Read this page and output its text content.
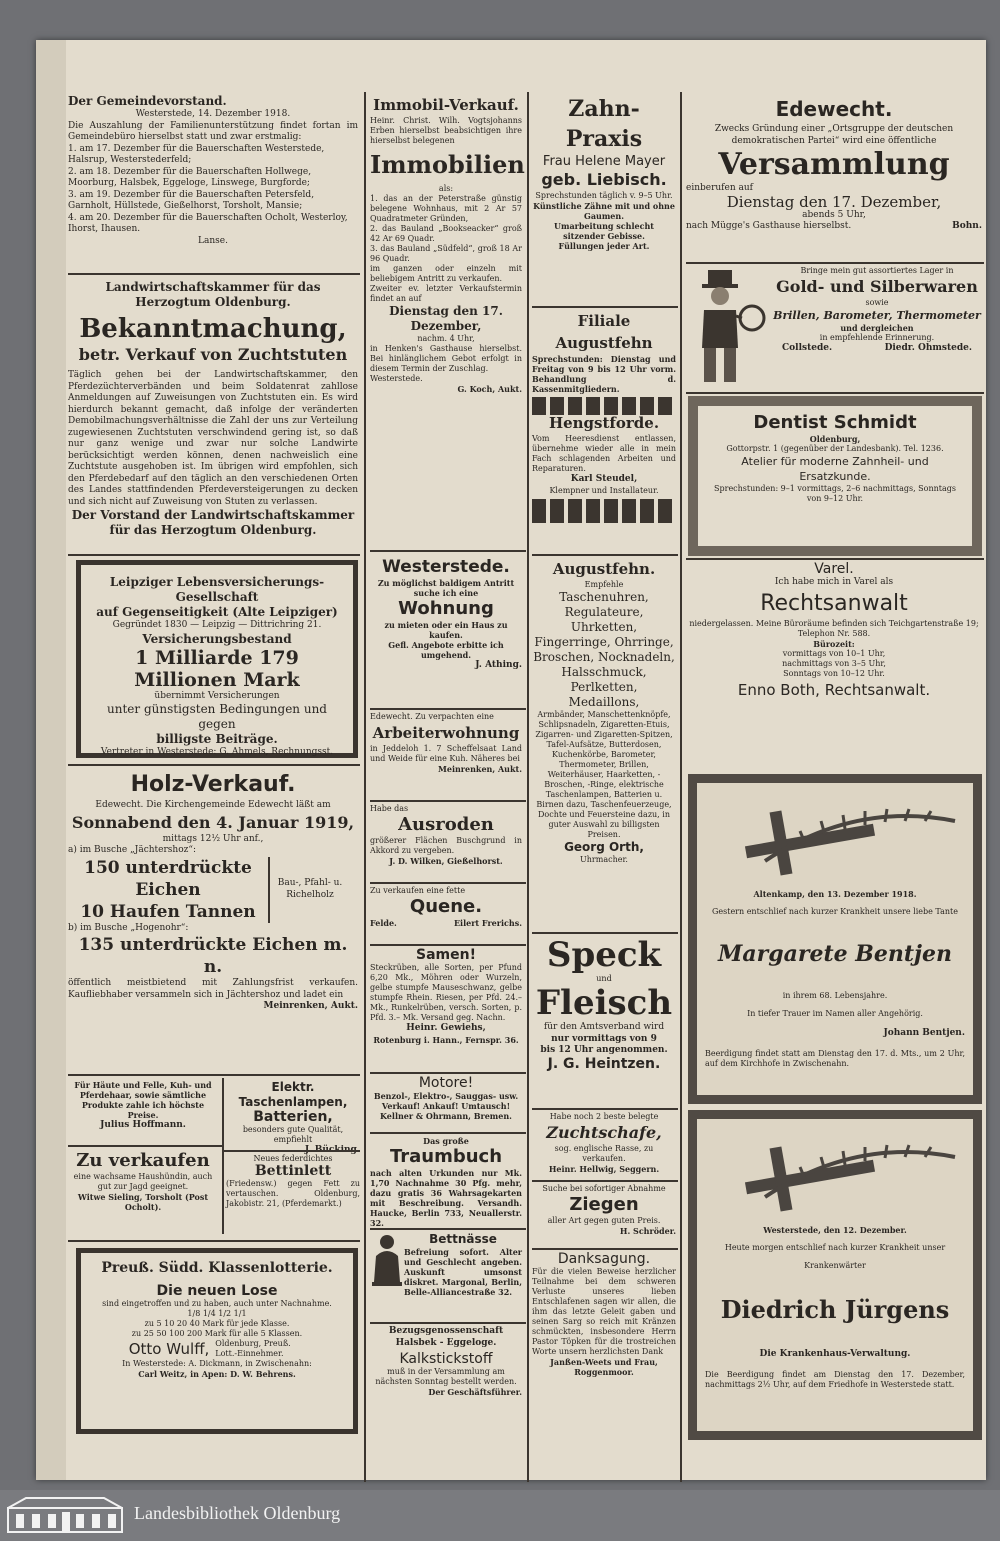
Der Gemeindevorstand.

Westerstede, 14. Dezember 1918.

Die Auszahlung der Familienunterstützung findet fortan im Gemeindebüro hierselbst statt und zwar erstmalig:

1. am 17. Dezember für die Bauerschaften Westerstede, Halsrup, Westerstederfeld;

2. am 18. Dezember für die Bauerschaften Hollwege, Moorburg, Halsbek, Eggeloge, Linswege, Burgforde;

3. am 19. Dezember für die Bauerschaften Petersfeld, Garnholt, Hüllstede, Gießelhorst, Torsholt, Mansie;

4. am 20. Dezember für die Bauerschaften Ocholt, Westerloy, Ihorst, Ihausen.

Lanse.

Landwirtschaftskammer für das Herzogtum Oldenburg.

Bekanntmachung,

betr. Verkauf von Zuchtstuten

Täglich gehen bei der Landwirtschaftskammer, den Pferdezüchterverbänden und beim Soldatenrat zahllose Anmeldungen auf Zuweisungen von Zuchtstuten ein. Es wird hierdurch bekannt gemacht, daß infolge der veränderten Demobilmachungsverhältnisse die Zahl der uns zur Verteilung zugewiesenen Zuchtstuten verschwindend gering ist, so daß nur ganz wenige und zwar nur solche Landwirte berücksichtigt werden können, denen nachweislich eine Zuchtstute ausgehoben ist. Im übrigen wird empfohlen, sich den Pferdebedarf auf den täglich an den verschiedenen Orten des Landes stattfindenden Pferdeversteigerungen zu decken und sich nicht auf Zuweisung von Stuten zu verlassen.

Der Vorstand der Landwirtschaftskammer

für das Herzogtum Oldenburg.

Leipziger Lebensversicherungs-Gesellschaft

auf Gegenseitigkeit (Alte Leipziger)

Gegründet 1830 — Leipzig — Dittrichring 21.

Versicherungsbestand

1 Milliarde 179 Millionen Mark

übernimmt Versicherungen

unter günstigsten Bedingungen und gegen

billigste Beiträge.

Vertreter in Westerstede: G. Ahmels, Rechnungsst.

Holz-Verkauf.

Edewecht. Die Kirchengemeinde Edewecht läßt am

Sonnabend den 4. Januar 1919,

mittags 12½ Uhr anf.,

a) im Busche „Jächtershoz“:

150 unterdrückte Eichen

10 Haufen Tannen

Bau-, Pfahl- u. Richelholz

b) im Busche „Hogenohr“:

135 unterdrückte Eichen m. n.

öffentlich meistbietend mit Zahlungsfrist verkaufen. Kaufliebhaber versammeln sich in Jächtershoz und ladet ein

Meinrenken, Aukt.

Für Häute und Felle, Kuh- und Pferdehaar, sowie sämtliche Produkte zahle ich höchste Preise.

Julius Hoffmann.

Elektr. Taschenlampen,

Batterien,

besonders gute Qualität, empfiehlt

Zu verkaufen

eine wachsame Haushündin, auch gut zur Jagd geeignet.

Witwe Sieling, Torsholt (Post Ocholt).

Neues federdichtes

Bettinlett

(Friedensw.) gegen Fett zu vertauschen. Oldenburg, Jakobistr. 21, (Pferdemarkt.)

Preuß. Südd. Klassenlotterie.

Die neuen Lose

sind eingetroffen und zu haben, auch unter Nachnahme.

1/8 1/4 1/2 1/1

zu 5 10 20 40 Mark für jede Klasse.

zu 25 50 100 200 Mark für alle 5 Klassen.

Otto Wulff, Oldenburg, Preuß. Lott.-Einnehmer.

In Westerstede: A. Dickmann, in Zwischenahn:

Carl Weitz, in Apen: D. W. Behrens.

Immobil-Verkauf.

Heinr. Christ. Wilh. Vogtsjohanns Erben hierselbst beabsichtigen ihre hierselbst belegenen

Immobilien

als:

1. das an der Peterstraße günstig belegene Wohnhaus, mit 2 Ar 57 Quadratmeter Gründen,

2. das Bauland „Bookseacker“ groß 42 Ar 69 Quadr.

3. das Bauland „Südfeld“, groß 18 Ar 96 Quadr.

im ganzen oder einzeln mit beliebigem Antritt zu verkaufen.

Zweiter ev. letzter Verkaufstermin findet an auf

Dienstag den 17. Dezember,

nachm. 4 Uhr,

in Henken's Gasthause hierselbst. Bei hinlänglichem Gebot erfolgt in diesem Termin der Zuschlag.

Westerstede.

G. Koch, Aukt.

Westerstede.

Zu möglichst baldigem Antritt suche ich eine

Wohnung

zu mieten oder ein Haus zu kaufen.

Gefl. Angebote erbitte ich umgehend.

J. Athing.

Edewecht. Zu verpachten eine

Arbeiterwohnung

in Jeddeloh 1. 7 Scheffelsaat Land und Weide für eine Kuh. Näheres bei

Meinrenken, Aukt.

Habe das

Ausroden

größerer Flächen Buschgrund in Akkord zu vergeben.

J. D. Wilken, Gießelhorst.

Zu verkaufen eine fette

Quene.

Felde.	Eilert Frerichs.

Samen!

Steckrüben, alle Sorten, per Pfund 6,20 Mk., Möhren oder Wurzeln, gelbe stumpfe Mauseschwanz, gelbe stumpfe Rhein. Riesen, per Pfd. 24.– Mk., Runkelrüben, versch. Sorten, p. Pfd. 3.– Mk. Versand geg. Nachn.

Heinr. Gewiehs,

Rotenburg i. Hann., Fernspr. 36.

Motore!

Benzol-, Elektro-, Sauggas- usw. Verkauf! Ankauf! Umtausch! Kellner & Ohrmann, Bremen.

Das große

Traumbuch

nach alten Urkunden nur Mk. 1,70 Nachnahme 30 Pfg. mehr, dazu gratis 36 Wahrsagekarten mit Beschreibung. Versandh. Haucke, Berlin 733, Neuallerstr. 32.

Bettnässe

Befreiung sofort. Alter und Geschlecht angeben. Auskunft umsonst diskret. Margonal, Berlin, Belle-Alliancestraße 32.

Bezugsgenossenschaft Halsbek - Eggeloge.

Kalkstickstoff

muß in der Versammlung am nächsten Sonntag bestellt werden.

Der Geschäftsführer.

Zahn-Praxis

Frau Helene Mayer

geb. Liebisch.

Sprechstunden täglich v. 9–5 Uhr.

Künstliche Zähne mit und ohne Gaumen.

Umarbeitung schlecht sitzender Gebisse.

Füllungen jeder Art.

Filiale Augustfehn

Sprechstunden: Dienstag und Freitag von 9 bis 12 Uhr vorm. Behandlung d. Kassenmitgliedern.

Hengstforde.

Vom Heeresdienst entlassen, übernehme wieder alle in mein Fach schlagenden Arbeiten und Reparaturen.

Karl Steudel,

Klempner und Installateur.

Augustfehn.

Empfehle

Taschenuhren, Regulateure,

Uhrketten,

Fingerringe, Ohrringe,

Broschen, Nocknadeln,

Halsschmuck, Perlketten,

Medaillons,

Armbänder, Manschettenknöpfe, Schlipsnadeln, Zigaretten-Etuis, Zigarren- und Zigaretten-Spitzen, Tafel-Aufsätze, Butterdosen, Kuchenkörbe, Barometer, Thermometer, Brillen, Weiterhäuser, Haarketten, -Broschen, -Ringe, elektrische Taschenlampen, Batterien u. Birnen dazu, Taschenfeuerzeuge, Dochte und Feuersteine dazu, in guter Auswahl zu billigsten Preisen.

Georg Orth,

Uhrmacher.

Speck

und

Fleisch

für den Amtsverband wird

nur vormittags von 9

bis 12 Uhr angenommen.

J. G. Heintzen.

Habe noch 2 beste belegte

Zuchtschafe,

sog. englische Rasse, zu verkaufen.

Heinr. Hellwig, Seggern.

Suche bei sofortiger Abnahme

Ziegen

aller Art gegen guten Preis.

H. Schröder.

Danksagung.

Für die vielen Beweise herzlicher Teilnahme bei dem schweren Verluste unseres lieben Entschlafenen sagen wir allen, die ihm das letzte Geleit gaben und seinen Sarg so reich mit Kränzen schmückten, insbesondere Herrn Pastor Töpken für die trostreichen Worte unsern herzlichsten Dank

Janßen-Weets und Frau,

Roggenmoor.

Edewecht.

Zwecks Gründung einer „Ortsgruppe der deutschen demokratischen Partei“ wird eine öffentliche

Versammlung

einberufen auf

Dienstag den 17. Dezember,

abends 5 Uhr,

nach Mügge's Gasthause hierselbst.	Bohn.

Bringe mein gut assortiertes Lager in

Gold- und Silberwaren

sowie

Brillen, Barometer, Thermometer

und dergleichen

in empfehlende Erinnerung.

Collstede.	Diedr. Ohmstede.

Dentist Schmidt

Oldenburg,

Gottorpstr. 1 (gegenüber der Landesbank). Tel. 1236.

Atelier für moderne Zahnheil- und Ersatzkunde.

Sprechstunden: 9–1 vormittags, 2–6 nachmittags, Sonntags von 9–12 Uhr.

Varel.

Ich habe mich in Varel als

Rechtsanwalt

niedergelassen. Meine Büroräume befinden sich Teichgartenstraße 19; Telephon Nr. 588.

Bürozeit:

vormittags von 10–1 Uhr,

nachmittags von 3–5 Uhr,

Sonntags von 10–12 Uhr.

Enno Both, Rechtsanwalt.

Altenkamp, den 13. Dezember 1918.

Gestern entschlief nach kurzer Krankheit unsere liebe Tante

Margarete Bentjen

in ihrem 68. Lebensjahre.

In tiefer Trauer im Namen aller Angehörig.

Johann Bentjen.

Beerdigung findet statt am Dienstag den 17. d. Mts., um 2 Uhr, auf dem Kirchhofe in Zwischenahn.

Westerstede, den 12. Dezember.

Heute morgen entschlief nach kurzer Krankheit unser

Krankenwärter

Diedrich Jürgens

Die Krankenhaus-Verwaltung.

Die Beerdigung findet am Dienstag den 17. Dezember, nachmittags 2½ Uhr, auf dem Friedhofe in Westerstede statt.

Landesbibliothek Oldenburg
